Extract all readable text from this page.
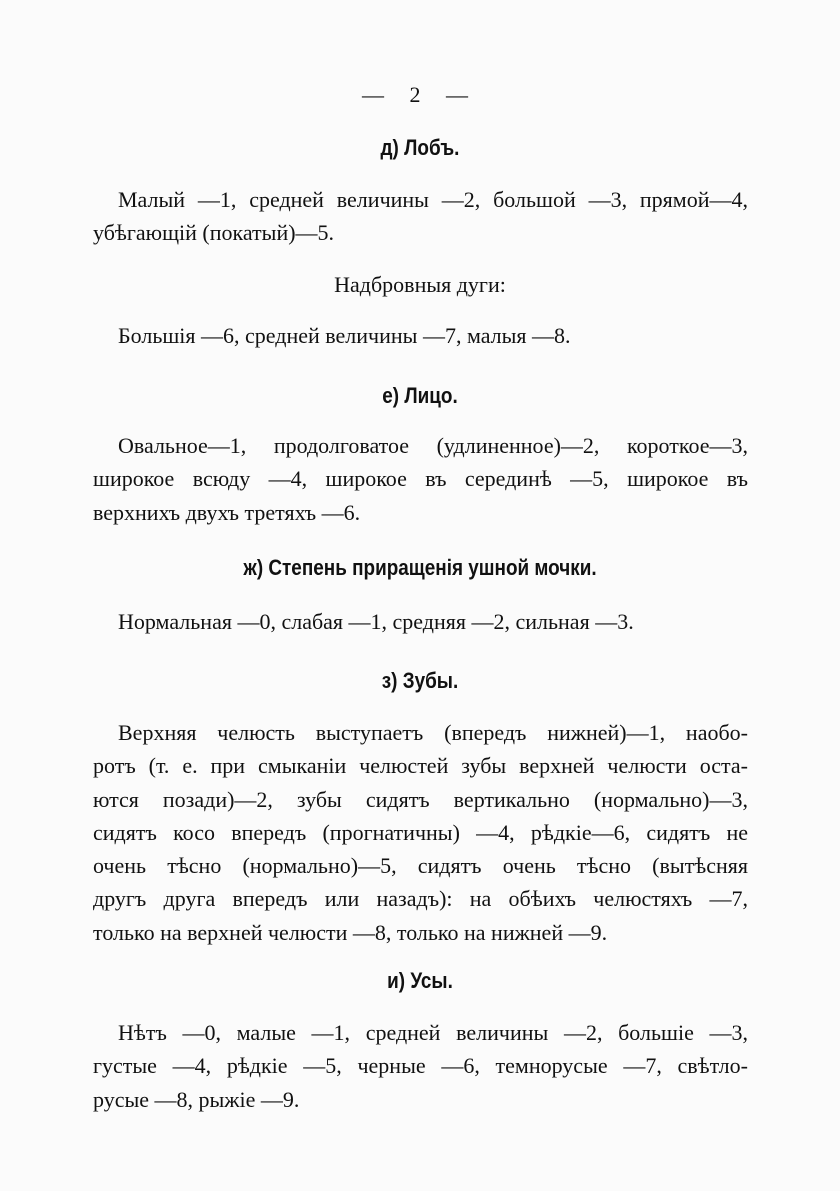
— 2 —
д) Лобъ.
Малый —1, средней величины —2, большой —3, прямой—4,
убѣгающій (покатый)—5.
Надбровныя дуги:
Большія —6, средней величины —7, малыя —8.
е) Лицо.
Овальное—1, продолговатое (удлиненное)—2, короткое—3,
широкое всюду —4, широкое въ серединѣ —5, широкое въ
верхнихъ двухъ третяхъ —6.
ж) Степень приращенія ушной мочки.
Нормальная —0, слабая —1, средняя —2, сильная —3.
з) Зубы.
Верхняя челюсть выступаетъ (впередъ нижней)—1, наобо-
ротъ (т. е. при смыканіи челюстей зубы верхней челюсти оста-
ются позади)—2, зубы сидятъ вертикально (нормально)—3,
сидятъ косо впередъ (прогнатичны) —4, рѣдкіе—6, сидятъ не
очень тѣсно (нормально)—5, сидятъ очень тѣсно (вытѣсняя
другъ друга впередъ или назадъ): на обѣихъ челюстяхъ —7,
только на верхней челюсти —8, только на нижней —9.
и) Усы.
Нѣтъ —0, малые —1, средней величины —2, большіе —3,
густые —4, рѣдкіе —5, черные —6, темнорусые —7, свѣтло-
русые —8, рыжіе —9.
